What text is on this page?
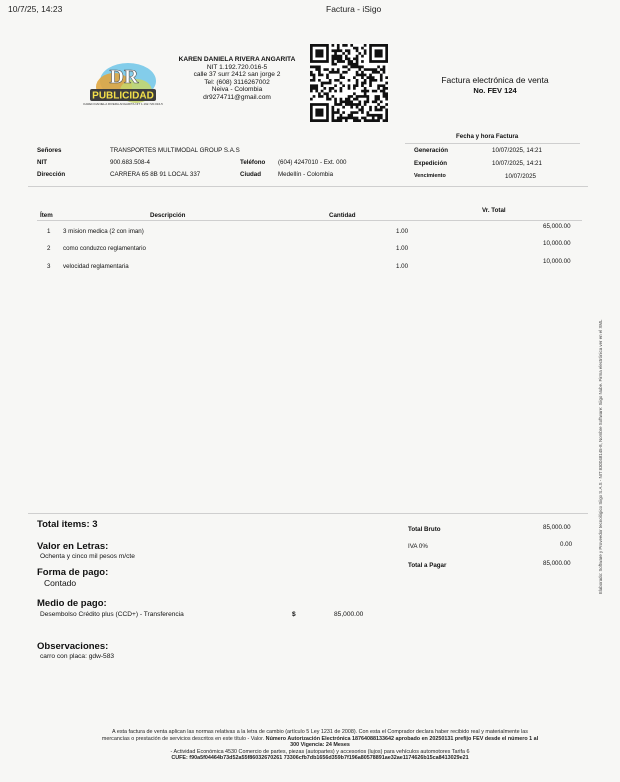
10/7/25, 14:23	Factura - iSigo
DR
PUBLICIDAD
KAREN DANIELA RIVERA ANGARITA NIT 1.192.720.016-5
KAREN DANIELA RIVERA ANGARITA
NIT 1.192.720.016-5
calle 37 surr 2412 san jorge 2
Tel: (608) 3116267002
Neiva - Colombia
dr9274711@gmail.com
Factura electrónica de venta
No. FEV 124
Fecha y hora Factura
Señores	TRANSPORTES MULTIMODAL GROUP S.A.S
NIT	900.683.508-4
Dirección	CARRERA 65 8B 91 LOCAL 337
Teléfono (604) 4247010 - Ext. 000
Ciudad	Medellín - Colombia
Generación	10/07/2025, 14:21
Expedición	10/07/2025, 14:21
Vencimiento	10/07/2025
Vr. Total
Ítem	Descripción	Cantidad
1 3 mision medica (2 con iman)	1.00
65,000.00
2 como conduzco reglamentario	1.00
10,000.00
3 velocidad reglamentaria	1.00
10,000.00
Total items: 3
Valor en Letras:
Ochenta y cinco mil pesos m/cte
Forma de pago:
Contado
Medio de pago:
Desembolso Crédito plus (CCD+) - Transferencia	$	85,000.00
Observaciones:
carro con placa: gdw-583
Total Bruto	85,000.00
IVA 0%	0.00
Total a Pagar	85,000.00	Elaborado: Software y Proveedor tecnológico Siigo S.A.S - NIT 830048145-8, Nombre Software: Siigo Nube. Firma electrónica ver en el XML
A esta factura de venta aplican las normas relativas a la letra de cambio (artículo 5 Ley 1231 de 2008). Con esta el Comprador declara haber recibido real y materialmente las
mercancías o prestación de servicios descritos en este título - Valor. Número Autorización Electrónica 18764088133642 aprobado en 20250131 prefijo FEV desde el número 1 al
300 Vigencia: 24 Meses
- Actividad Económica 4530 Comercio de partes, piezas (autopartes) y accesorios (lujos) para vehículos automotores Tarifa 6
CUFE: f90a5f04464b73d52a55f86032670261 73306cfb7db1656d359b7f196a80578891ae32ae1174626b15ca8413029e21
